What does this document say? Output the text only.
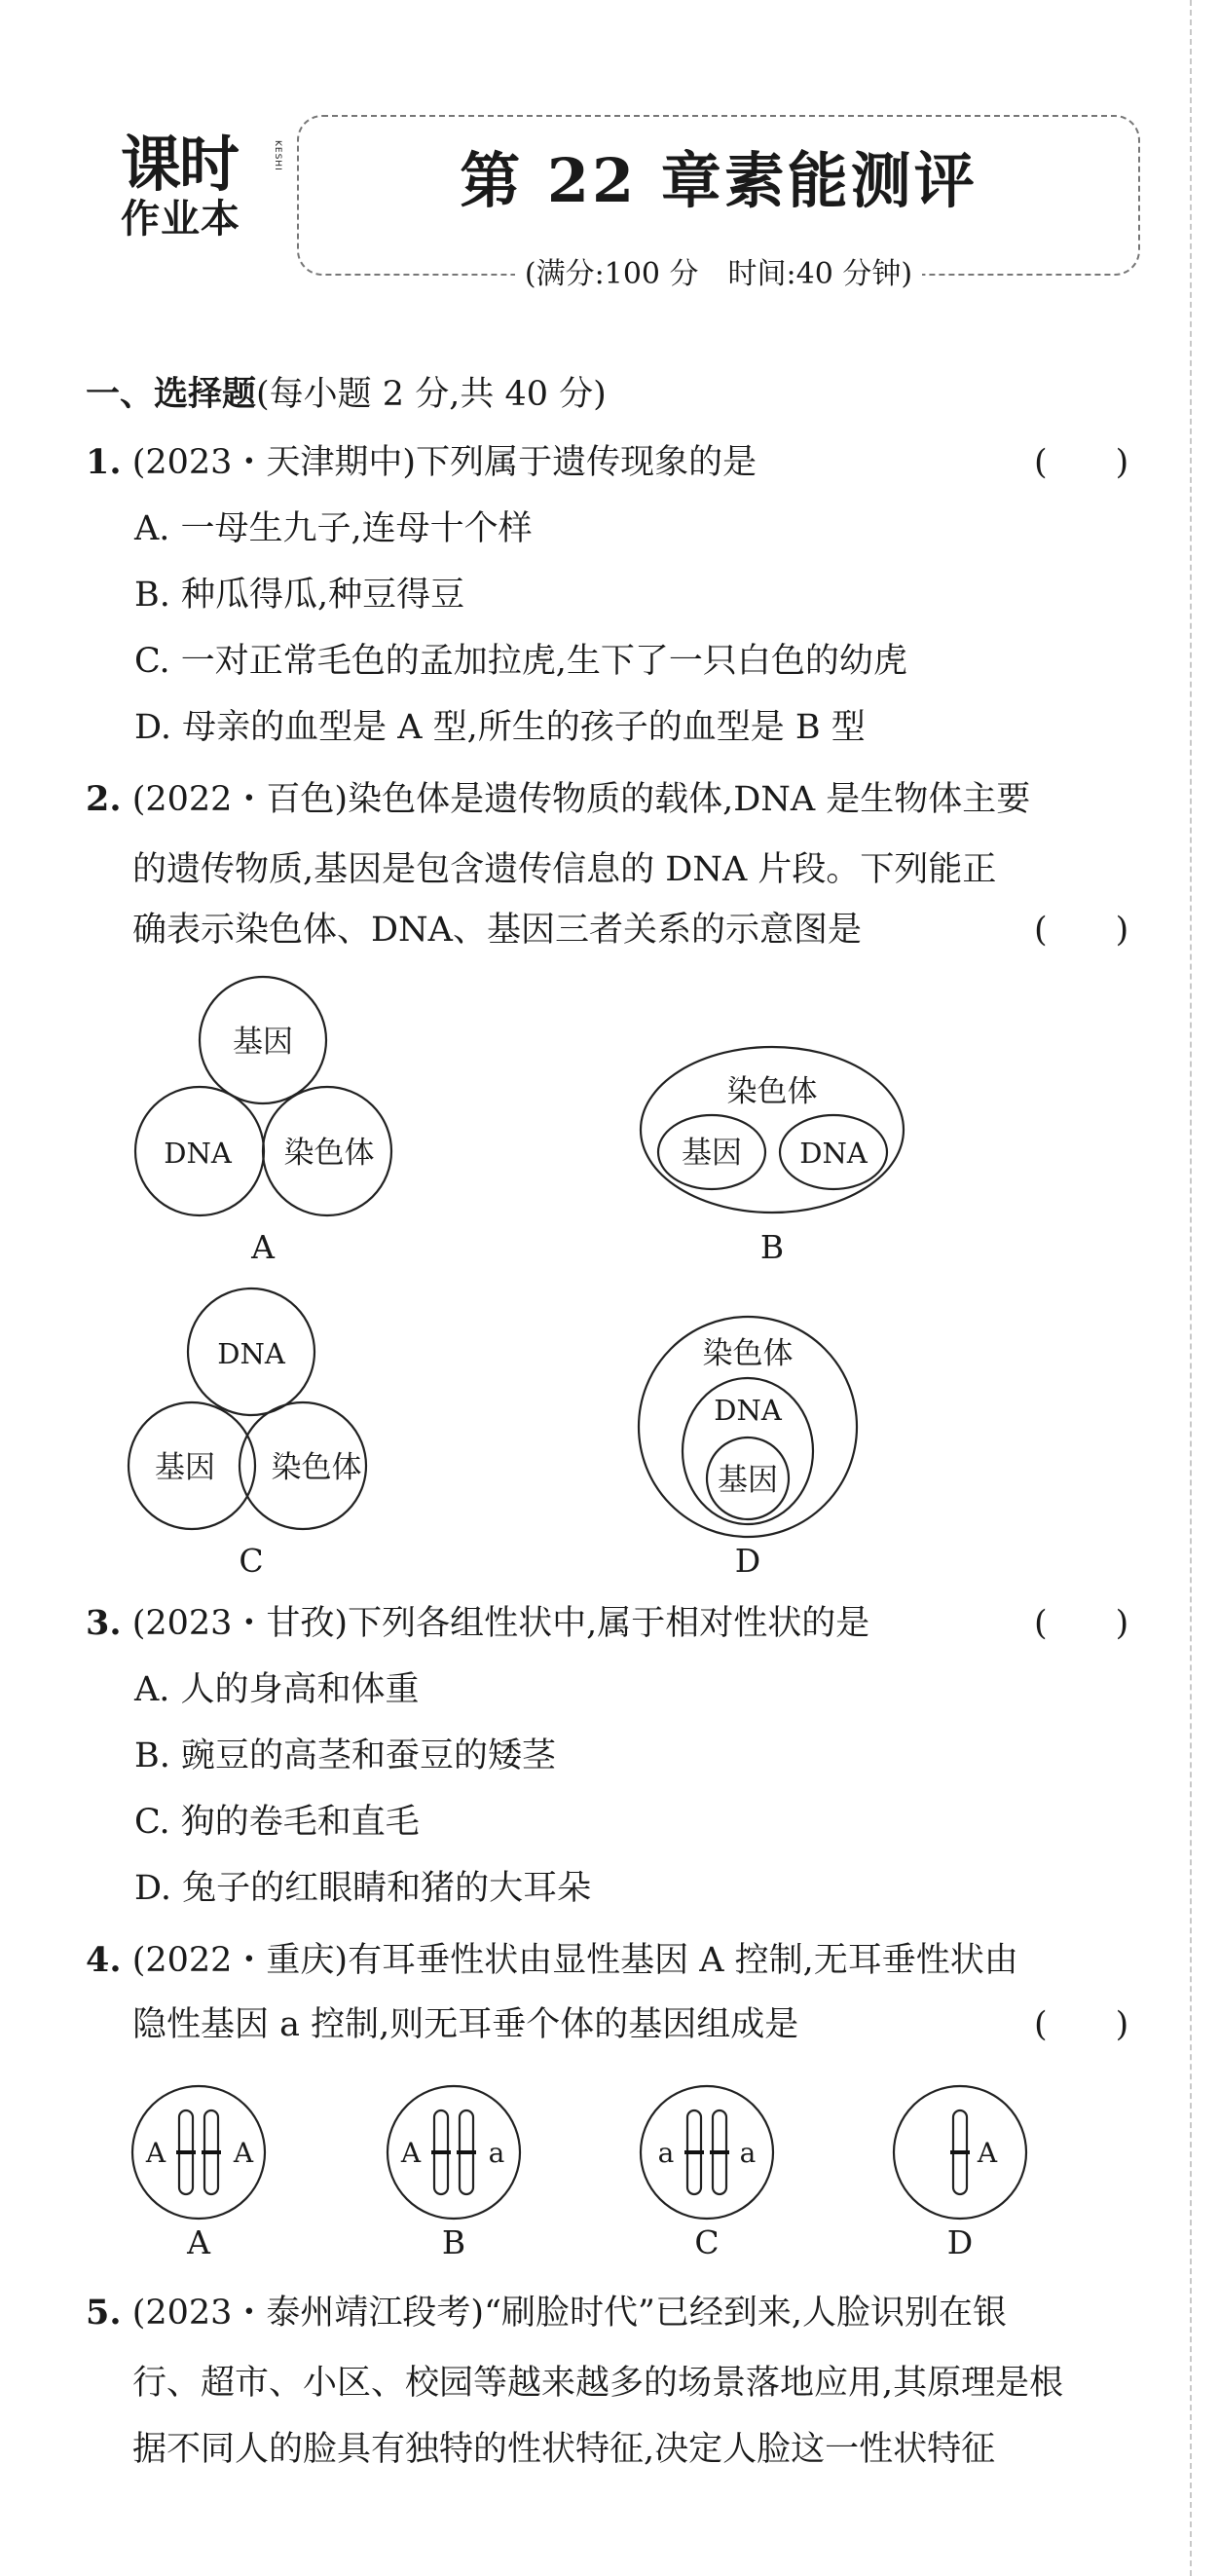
课时
作业本
KESHI	第 22 章素能测评
(满分:100 分　时间:40 分钟)
一、选择题(每小题 2 分,共 40 分)
1. (2023・天津期中)下列属于遗传现象的是	(　　)
A. 一母生九子,连母十个样
B. 种瓜得瓜,种豆得豆
C. 一对正常毛色的孟加拉虎,生下了一只白色的幼虎
D. 母亲的血型是 A 型,所生的孩子的血型是 B 型
2. (2022・百色)染色体是遗传物质的载体,DNA 是生物体主要
的遗传物质,基因是包含遗传信息的 DNA 片段。下列能正
确表示染色体、DNA、基因三者关系的示意图是	(　　)
基因
DNA 染色体
A
染色体
基因 DNA
B
DNA
基因 染色体
C
染色体
DNA
基因
D
3. (2023・甘孜)下列各组性状中,属于相对性状的是	(　　)
A. 人的身高和体重
B. 豌豆的高茎和蚕豆的矮茎
C. 狗的卷毛和直毛
D. 兔子的红眼睛和猪的大耳朵
4. (2022・重庆)有耳垂性状由显性基因 A 控制,无耳垂性状由
隐性基因 a 控制,则无耳垂个体的基因组成是	(　　)
A A	A a	a a	A
A	B	C	D
5. (2023・泰州靖江段考)“刷脸时代”已经到来,人脸识别在银
行、超市、小区、校园等越来越多的场景落地应用,其原理是根
据不同人的脸具有独特的性状特征,决定人脸这一性状特征
